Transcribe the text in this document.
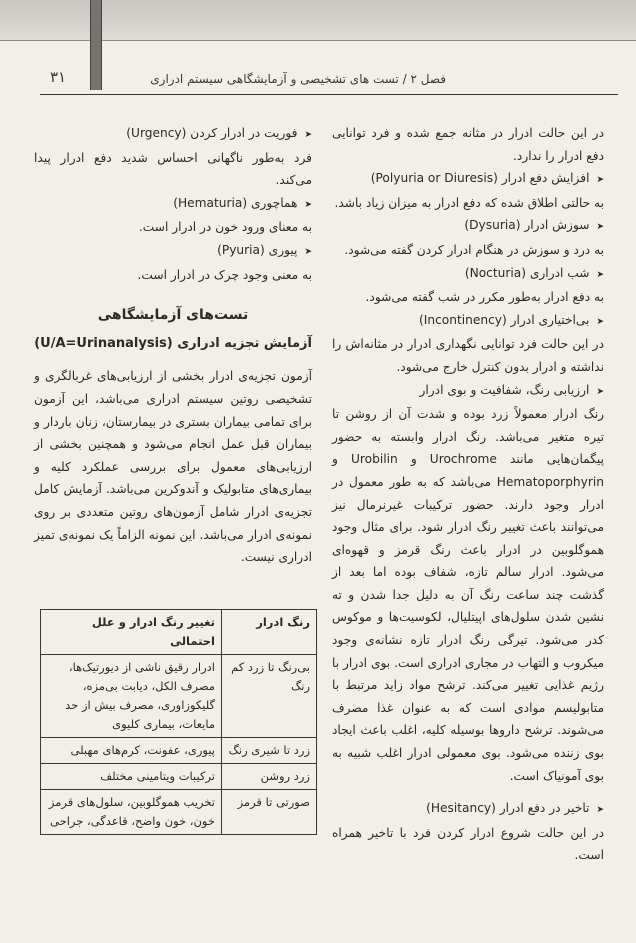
فصل ۲ / تست های تشخیصی و آزمایشگاهی سیستم ادراری
۳۱

در این حالت ادرار در مثانه جمع شده و فرد توانایی دفع ادرار را ندارد.

➤افزایش دفع ادرار (Polyuria or Diuresis)

به حالتی اطلاق شده که دفع ادرار به میزان زیاد باشد.

➤سوزش ادرار (Dysuria)

به درد و سوزش در هنگام ادرار کردن گفته می‌شود.

➤شب ادراری (Nocturia)

به دفع ادرار به‌طور مکرر در شب گفته می‌شود.

➤بی‌اختیاری ادرار (Incontinency)

در این حالت فرد توانایی نگهداری ادرار در مثانه‌اش را نداشته و ادرار بدون کنترل خارج می‌شود.

➤ارزیابی رنگ، شفافیت و بوی ادرار

رنگ ادرار معمولاً زرد بوده و شدت آن از روشن تا تیره متغیر می‌باشد. رنگ ادرار وابسته به حضور پیگمان‌هایی مانند Urochrome و Urobilin و Hematoporphyrin می‌باشد که به طور معمول در ادرار وجود دارند. حضور ترکیبات غیرنرمال نیز می‌توانند باعث تغییر رنگ ادرار شود. برای مثال وجود هموگلوبین در ادرار باعث رنگ قرمز و قهوه‌ای می‌شود. ادرار سالم تازه، شفاف بوده اما بعد از گذشت چند ساعت رنگ آن به دلیل جدا شدن و ته نشین شدن سلول‌های اپیتلیال، لکوسیت‌ها و موکوس کدر می‌شود. تیرگی رنگ ادرار تازه نشانه‌ی وجود میکروب و التهاب در مجاری ادراری است. بوی ادرار با رژیم غذایی تغییر می‌کند. ترشح مواد زاید مرتبط با متابولیسم موادی است که به عنوان غذا مصرف می‌شوند. ترشح داروها بوسیله کلیه، اغلب باعث ایجاد بوی زننده می‌شود. بوی معمولی ادرار اغلب شبیه به بوی آمونیاک است.

➤تاخیر در دفع ادرار (Hesitancy)

در این حالت شروع ادرار کردن فرد با تاخیر همراه است.

➤فوریت در ادرار کردن (Urgency)

فرد به‌طور ناگهانی احساس شدید دفع ادرار پیدا می‌کند.

➤هماچوری (Hematuria)

به معنای ورود خون در ادرار است.

➤پیوری (Pyuria)

به معنی وجود چرک در ادرار است.

تست‌های آزمایشگاهی

آزمایش تجزیه ادراری (U/A=Urinanalysis)

آزمون تجزیه‌ی ادرار بخشی از ارزیابی‌های غربالگری و تشخیصی روتین سیستم ادراری می‌باشد، این آزمون برای تمامی بیماران بستری در بیمارستان، زنان باردار و بیماران قبل عمل انجام می‌شود و همچنین بخشی از ارزیابی‌های معمول برای بررسی عملکرد کلیه و بیماری‌های متابولیک و آندوکرین می‌باشد. آزمایش کامل تجزیه‌ی ادرار شامل آزمون‌های روتین متعددی بر روی نمونه‌ی ادرار می‌باشد. این نمونه الزاماً یک نمونه‌ی تمیز ادراری نیست.

رنگ ادرار	تغییر رنگ ادرار و علل احتمالی
بی‌رنگ تا زرد کم رنگ	ادرار رقیق ناشی از دیورتیک‌ها، مصرف الکل، دیابت بی‌مزه، گلیکوزاوری، مصرف بیش از حد مایعات، بیماری کلیوی
زرد تا شیری رنگ	پیوری، عفونت، کرم‌های مهبلی
زرد روشن	ترکیبات ویتامینی مختلف
صورتی تا قرمز	تخریب هموگلوبین، سلول‌های قرمز خون، خون واضح، قاعدگی، جراحی
